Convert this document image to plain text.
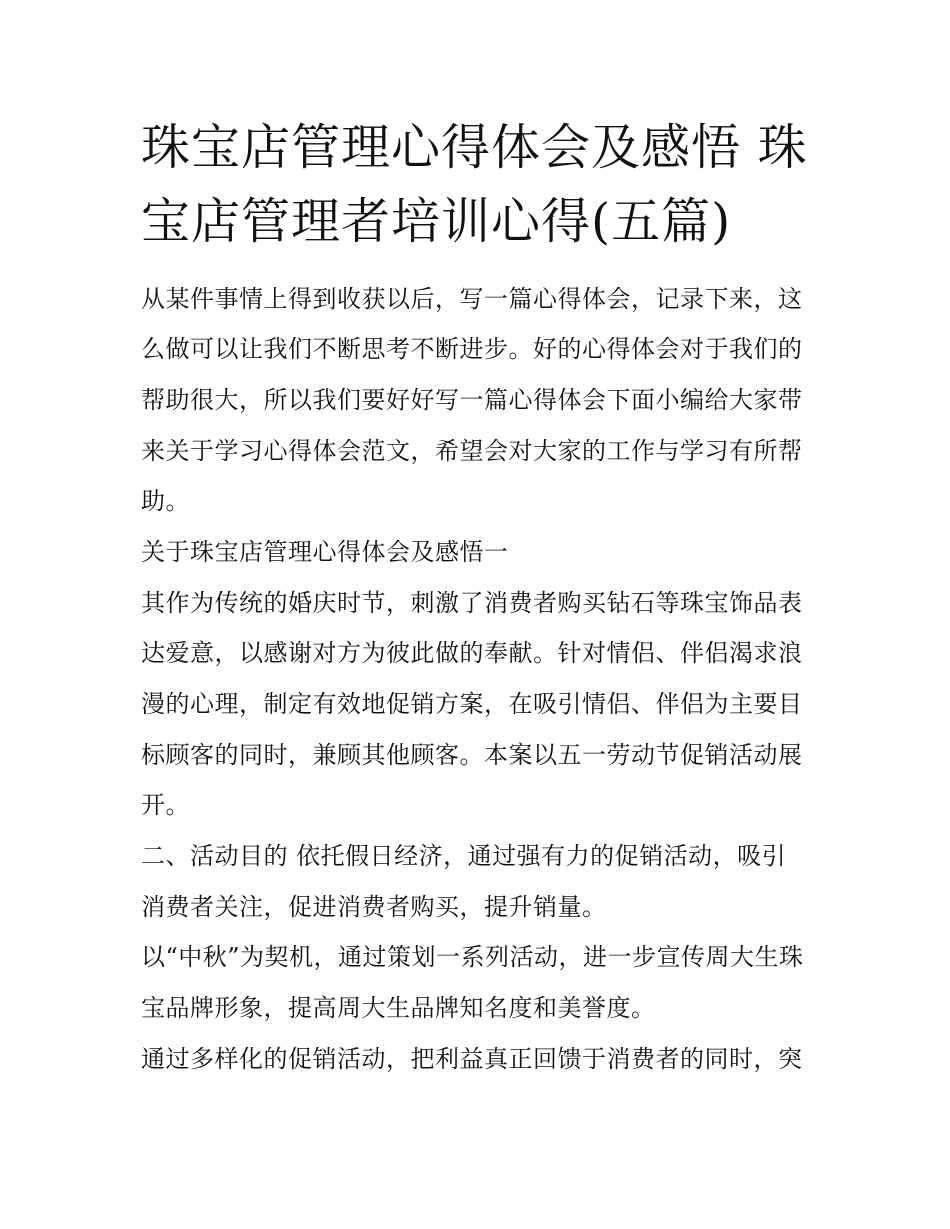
珠宝店管理心得体会及感悟 珠
宝店管理者培训心得(五篇)
从某件事情上得到收获以后，写一篇心得体会，记录下来，这
么做可以让我们不断思考不断进步。好的心得体会对于我们的
帮助很大，所以我们要好好写一篇心得体会下面小编给大家带
来关于学习心得体会范文，希望会对大家的工作与学习有所帮
助。
关于珠宝店管理心得体会及感悟一
其作为传统的婚庆时节，刺激了消费者购买钻石等珠宝饰品表
达爱意，以感谢对方为彼此做的奉献。针对情侣、伴侣渴求浪
漫的心理，制定有效地促销方案，在吸引情侣、伴侣为主要目
标顾客的同时，兼顾其他顾客。本案以五一劳动节促销活动展
开。
二、活动目的 依托假日经济，通过强有力的促销活动，吸引
消费者关注，促进消费者购买，提升销量。
以“中秋”为契机，通过策划一系列活动，进一步宣传周大生珠
宝品牌形象，提高周大生品牌知名度和美誉度。
通过多样化的促销活动，把利益真正回馈于消费者的同时，突
